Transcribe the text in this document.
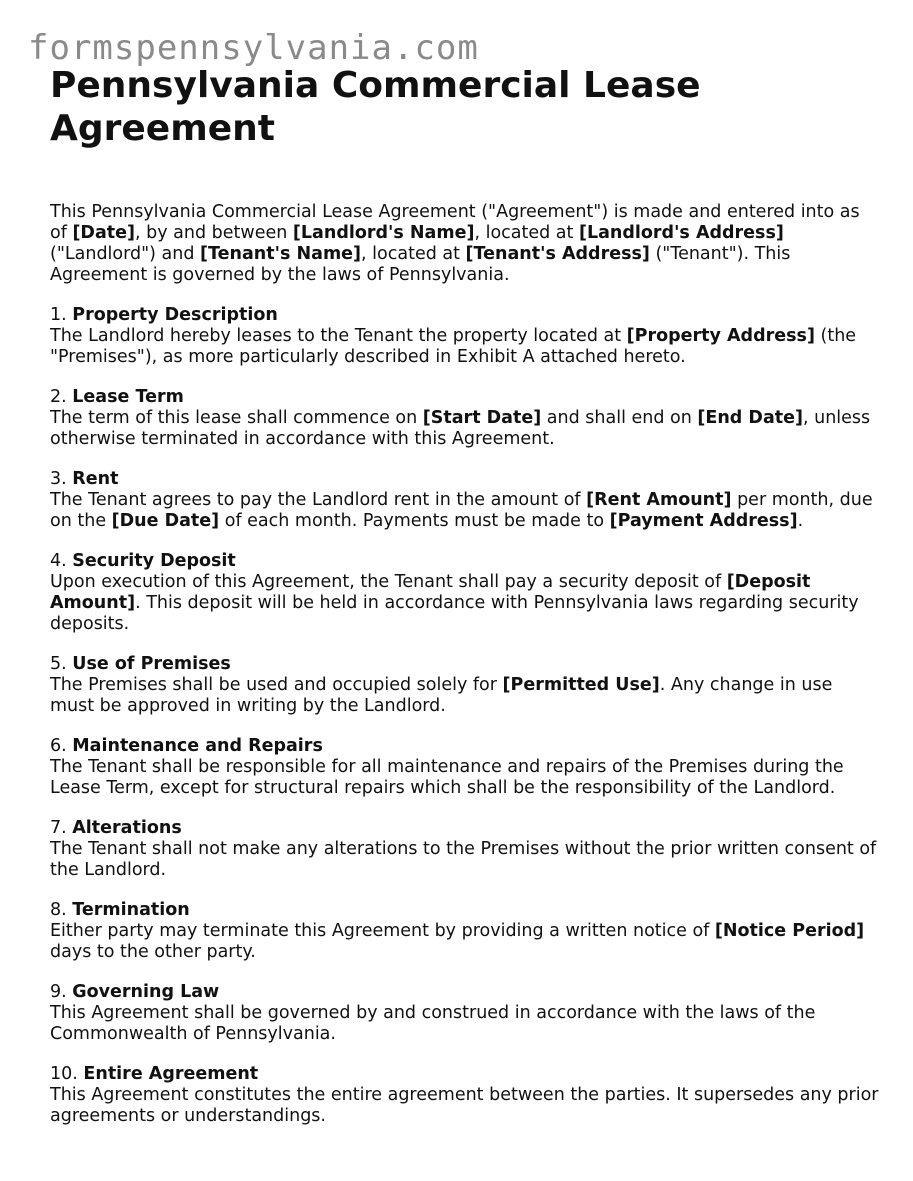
formspennsylvania.com
Pennsylvania Commercial Lease Agreement

This Pennsylvania Commercial Lease Agreement ("Agreement") is made and entered into as of [Date], by and between [Landlord's Name], located at [Landlord's Address] ("Landlord") and [Tenant's Name], located at [Tenant's Address] ("Tenant"). This Agreement is governed by the laws of Pennsylvania.

1. Property Description

The Landlord hereby leases to the Tenant the property located at [Property Address] (the "Premises"), as more particularly described in Exhibit A attached hereto.

2. Lease Term

The term of this lease shall commence on [Start Date] and shall end on [End Date], unless otherwise terminated in accordance with this Agreement.

3. Rent

The Tenant agrees to pay the Landlord rent in the amount of [Rent Amount] per month, due on the [Due Date] of each month. Payments must be made to [Payment Address].

4. Security Deposit

Upon execution of this Agreement, the Tenant shall pay a security deposit of [Deposit Amount]. This deposit will be held in accordance with Pennsylvania laws regarding security deposits.

5. Use of Premises

The Premises shall be used and occupied solely for [Permitted Use]. Any change in use must be approved in writing by the Landlord.

6. Maintenance and Repairs

The Tenant shall be responsible for all maintenance and repairs of the Premises during the Lease Term, except for structural repairs which shall be the responsibility of the Landlord.

7. Alterations

The Tenant shall not make any alterations to the Premises without the prior written consent of the Landlord.

8. Termination

Either party may terminate this Agreement by providing a written notice of [Notice Period] days to the other party.

9. Governing Law

This Agreement shall be governed by and construed in accordance with the laws of the Commonwealth of Pennsylvania.

10. Entire Agreement

This Agreement constitutes the entire agreement between the parties. It supersedes any prior agreements or understandings.
